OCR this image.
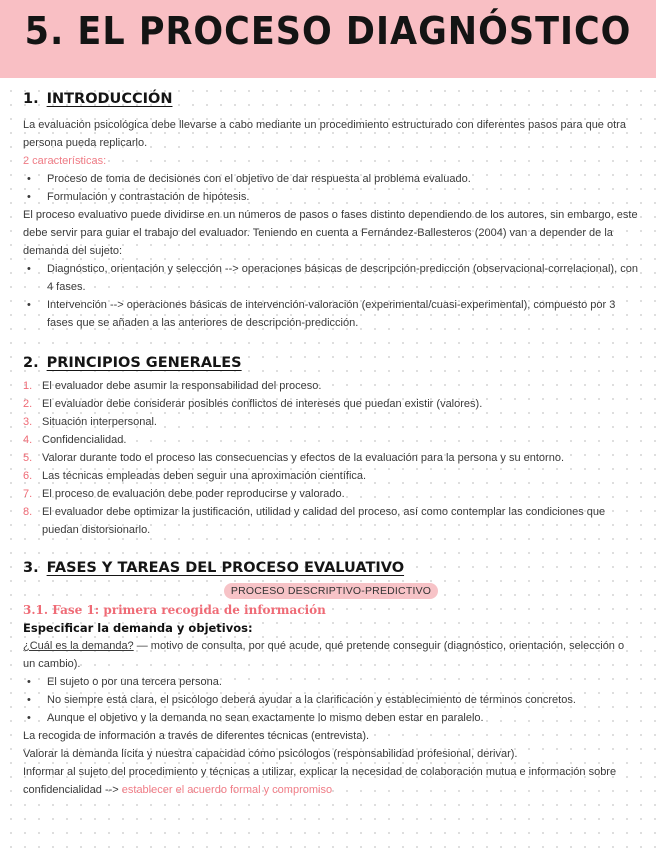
5. EL PROCESO DIAGNÓSTICO
1. INTRODUCCIÓN

La evaluación psicológica debe llevarse a cabo mediante un procedimiento estructurado con diferentes pasos para que otra persona pueda replicarlo.

2 características:

• Proceso de toma de decisiones con el objetivo de dar respuesta al problema evaluado.
• Formulación y contrastación de hipótesis.

El proceso evaluativo puede dividirse en un números de pasos o fases distinto dependiendo de los autores, sin embargo, este debe servir para guiar el trabajo del evaluador. Teniendo en cuenta a Fernández-Ballesteros (2004) van a depender de la demanda del sujeto:

• Diagnóstico, orientación y selección --> operaciones básicas de descripción-predicción (observacional-correlacional), con 4 fases.
• Intervención --> operaciones básicas de intervención-valoración (experimental/cuasi-experimental), compuesto por 3 fases que se añaden a las anteriores de descripción-predicción.
2. PRINCIPIOS GENERALES
1. El evaluador debe asumir la responsabilidad del proceso.
2. El evaluador debe considerar posibles conflictos de intereses que puedan existir (valores).
3. Situación interpersonal.
4. Confidencialidad.
5. Valorar durante todo el proceso las consecuencias y efectos de la evaluación para la persona y su entorno.
6. Las técnicas empleadas deben seguir una aproximación científica.
7. El proceso de evaluación debe poder reproducirse y valorado.
8. El evaluador debe optimizar la justificación, utilidad y calidad del proceso, así como contemplar las condiciones que puedan distorsionarlo.
3. FASES Y TAREAS DEL PROCESO EVALUATIVO
PROCESO DESCRIPTIVO-PREDICTIVO

3.1. Fase 1: primera recogida de información

Especificar la demanda y objetivos:

¿Cuál es la demanda? — motivo de consulta, por qué acude, qué pretende conseguir (diagnóstico, orientación, selección o un cambio).

• El sujeto o por una tercera persona.
• No siempre está clara, el psicólogo deberá ayudar a la clarificación y establecimiento de términos concretos.
• Aunque el objetivo y la demanda no sean exactamente lo mismo deben estar en paralelo.

La recogida de información a través de diferentes técnicas (entrevista).

Valorar la demanda lícita y nuestra capacidad cómo psicólogos (responsabilidad profesional, derivar).

Informar al sujeto del procedimiento y técnicas a utilizar, explicar la necesidad de colaboración mutua e información sobre confidencialidad --> establecer el acuerdo formal y compromiso
